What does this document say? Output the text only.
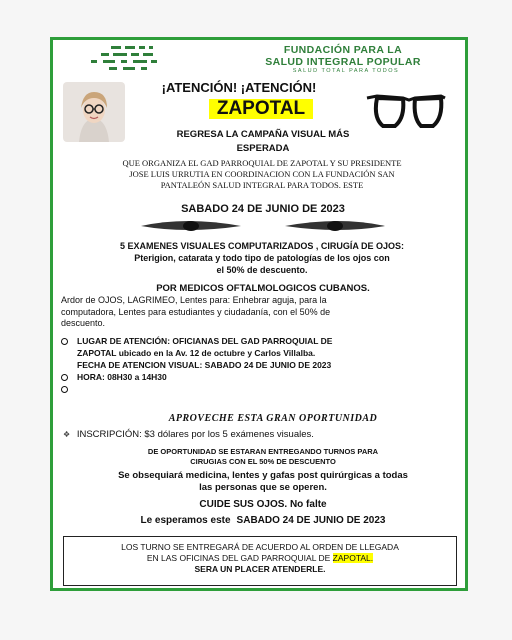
FUNDACIÓN PARA LA
SALUD INTEGRAL POPULAR
SALUD TOTAL PARA TODOS
¡ATENCIÓN! ¡ATENCIÓN!
ZAPOTAL
REGRESA LA CAMPAÑA VISUAL MÁS
ESPERADA
QUE ORGANIZA EL GAD PARROQUIAL DE ZAPOTAL Y SU PRESIDENTE
JOSE LUIS URRUTIA EN COORDINACION CON LA FUNDACIÓN SAN
PANTALEÓN SALUD INTEGRAL PARA TODOS. ESTE
SABADO 24 DE JUNIO DE 2023
5 EXAMENES VISUALES COMPUTARIZADOS , CIRUGÍA DE OJOS:
Pterigion, catarata y todo tipo de patologías de los ojos con
el 50% de descuento.
POR MEDICOS OFTALMOLOGICOS CUBANOS.
Ardor de OJOS, LAGRIMEO, Lentes para: Enhebrar aguja, para la
computadora, Lentes para estudiantes y ciudadanía, con el 50% de
descuento.
LUGAR DE ATENCIÓN: OFICIANAS DEL GAD PARROQUIAL DE
ZAPOTAL ubicado en la Av. 12 de octubre y Carlos Villalba.
FECHA DE ATENCION VISUAL: SABADO 24 DE JUNIO DE 2023
HORA: 08H30 a 14H30
APROVECHE ESTA GRAN OPORTUNIDAD
❖ INSCRIPCIÓN: $3 dólares por los 5 exámenes visuales.
DE OPORTUNIDAD SE ESTARAN ENTREGANDO TURNOS PARA
CIRUGIAS CON EL 50% DE DESCUENTO
Se obsequiará medicina, lentes y gafas post quirúrgicas a todas
las personas que se operen.
CUIDE SUS OJOS. No falte
Le esperamos este SABADO 24 DE JUNIO DE 2023
LOS TURNO SE ENTREGARÁ DE ACUERDO AL ORDEN DE LLEGADA
EN LAS OFICINAS DEL GAD PARROQUIAL DE ZAPOTAL.
SERA UN PLACER ATENDERLE.
